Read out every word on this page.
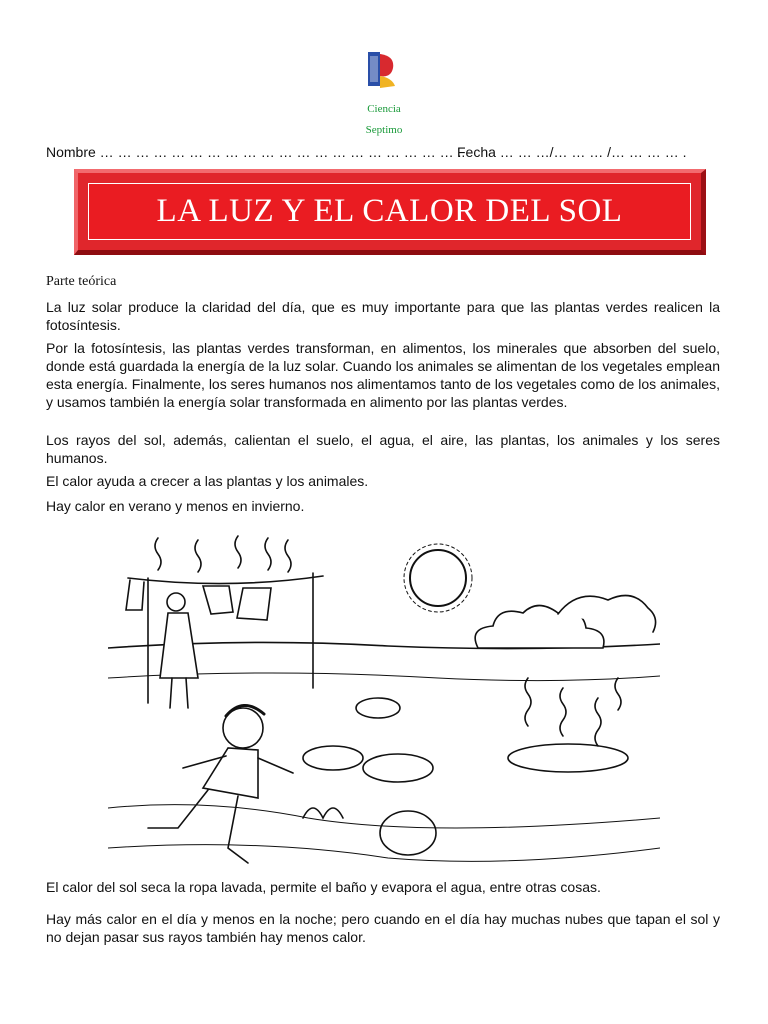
Ciencia
Septimo
Nombre … … … … … … … … … … … … … … … … … … … … ..
Fecha … … …/… … … /… … … … .
LA LUZ Y EL CALOR DEL SOL
Parte teórica

La luz solar produce la claridad del día, que es muy importante para que las plantas verdes realicen la fotosíntesis.

Por la fotosíntesis, las plantas verdes transforman, en alimentos, los minerales que absorben del suelo, donde está guardada la energía de la luz solar. Cuando los animales se alimentan de los vegetales emplean esta energía. Finalmente, los seres humanos nos alimentamos tanto de los vegetales como de los animales, y usamos también la energía solar transformada en alimento por las plantas verdes.

Los rayos del sol, además, calientan el suelo, el agua, el aire, las plantas, los animales y los seres humanos.

El calor ayuda a crecer a las plantas y los animales.

Hay calor en verano y menos en invierno.

El calor del sol seca la ropa lavada, permite el baño y evapora el agua, entre otras cosas.

Hay más calor en el día y menos en la noche; pero cuando en el día hay muchas nubes que tapan el sol y no dejan pasar sus rayos también hay menos calor.
